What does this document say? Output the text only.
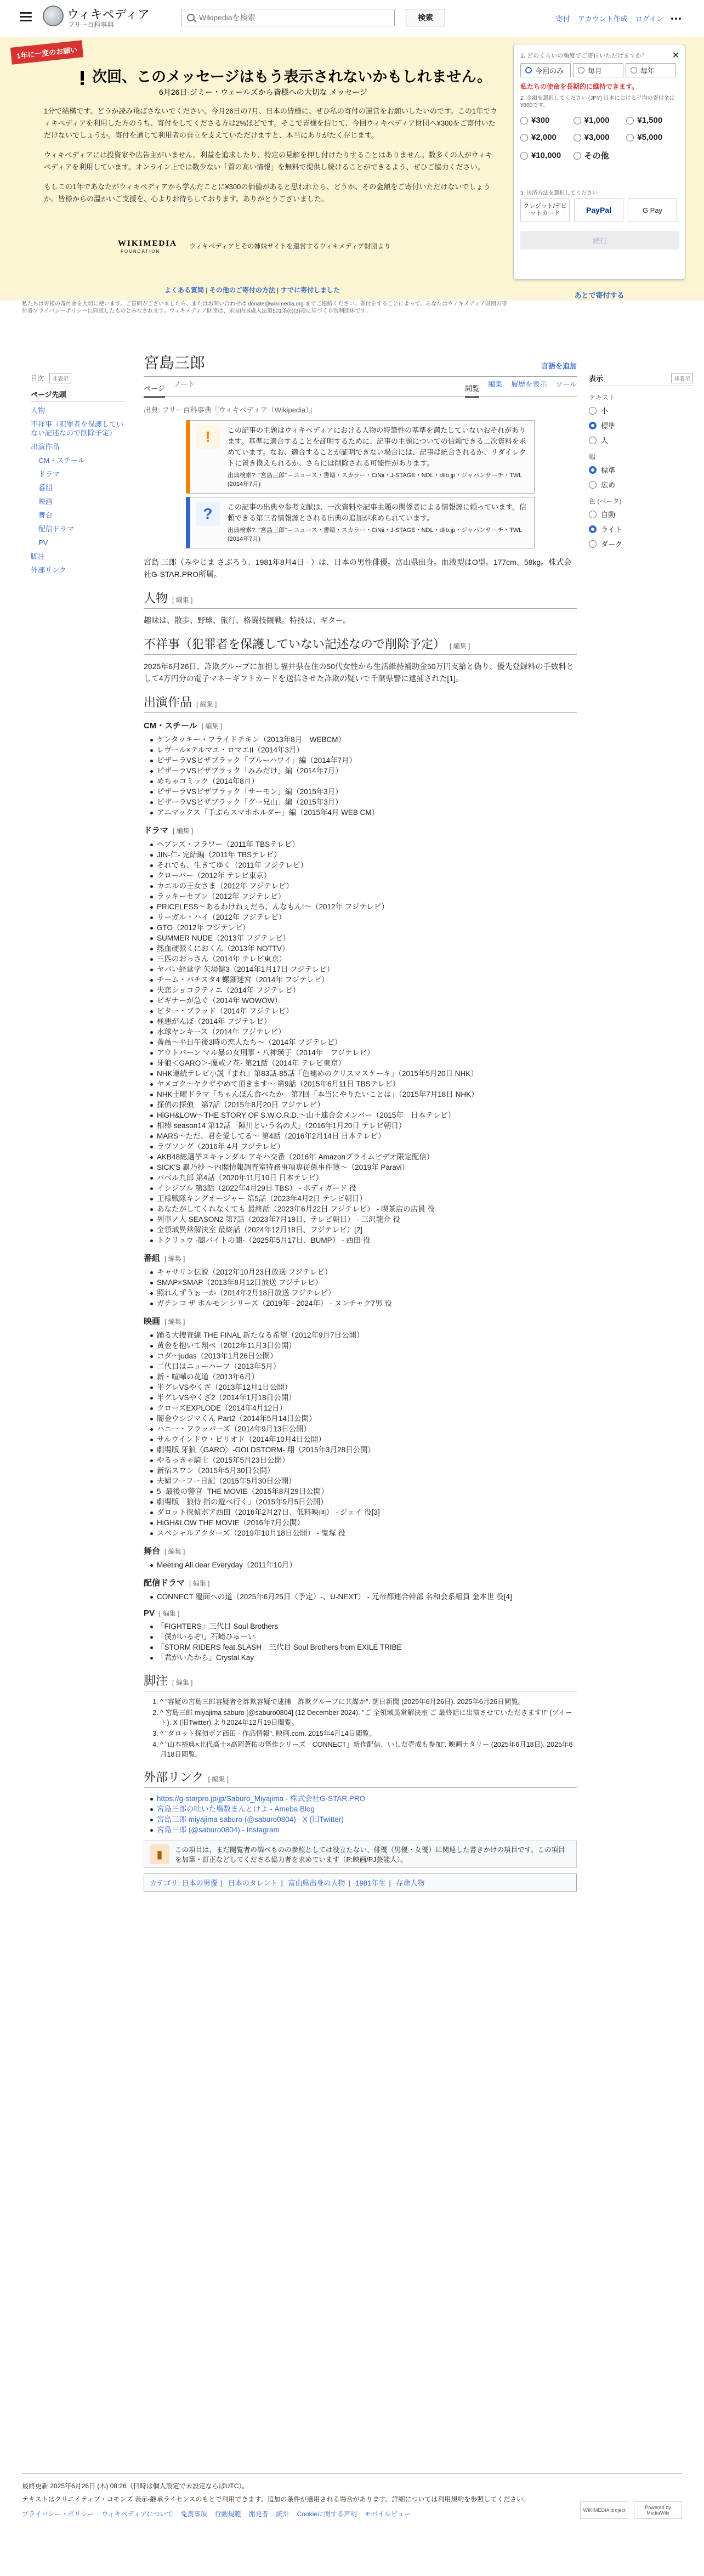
ウィキペディア
フリー百科事典
Wikipediaを検索
検索	寄付 アカウント作成 ログイン
1年に一度のお願い
次回、このメッセージはもう表示されないかもしれません。
6月26日-ジミー・ウェールズから皆様への大切な メッセージ

1分で結構です。どうか読み飛ばさないでください。今月26日の7月、日本の皆様に、ぜひ私の寄付の運営をお願いしたいのです。この1年でウィキペディアを利用した方のうち、寄付をしてくださる方は2%ほどです。そこで皆様を信じて、今回ウィキペディア財団へ¥300をご寄付いただけないでしょうか。寄付を通じて利用者の自立を支えていただけますと、本当にありがたく存じます。

ウィキペディアには投資家や広告主がいません。利益を追求したり、特定の見解を押し付けたりすることはありません。数多くの人がウィキペディアを利用しています。オンライン上では数少ない「質の高い情報」を無料で提供し続けることができるよう、ぜひご協力ください。

もしこの1年であなたがウィキペディアから学んだことに¥300の価値があると思われたら、どうか、その金額をご寄付いただけないでしょうか。皆様からの温かいご支援を、心よりお待ちしております。ありがとうございました。

WIKIMEDIA
FOUNDATION
ウィキペディアとその姉妹サイトを運営するウィキメディア財団より
1. どのくらいの頻度でご寄付いただけますか？	✕
今回のみ	毎月	毎年
私たちの使命を長期的に維持できます。
2. 金額を選択してください (JPY) 日本における平均の寄付金は¥800です。
¥300	¥1,000	¥1,500
¥2,000	¥3,000	¥5,000
¥10,000	その他
3. 決済方法を選択してください
クレジット/デビットカード	PayPal	G Pay
続行
あとで寄付する
よくある質問 | その他のご寄付の方法 | すでに寄付しました
私たちは皆様の寄付金を大切に使います。ご質問がございましたら、またはお問い合わせは donate@wikimedia.org までご連絡ください。寄付をすることによって、あなたはウィキメディア財団の寄付者プライバシーポリシーに同意したものとみなされます。ウィキメディア財団は、米国内国歳入法第501条(c)(3)項に基づく非営利団体です。
目次	非表示
ページ先頭
人物
不祥事（犯罪者を保護していない記述なので削除予定）
出演作品
CM・スチール
ドラマ
番組
映画
舞台
配信ドラマ
PV
脚注
外部リンク
表示	非表示
テキスト
小
標準
大
幅
標準
広め
色 (ベータ)
自動
ライト
ダーク
宮島三郎	言語を追加
ページ
ノート
閲覧
編集 履歴を表示 ツール
出典: フリー百科事典『ウィキペディア（Wikipedia）』
!	この記事の主題はウィキペディアにおける人物の特筆性の基準を満たしていないおそれがあります。基準に適合することを証明するために、記事の主題についての信頼できる二次資料を求めています。なお、適合することが証明できない場合には、記事は統合されるか、リダイレクトに置き換えられるか、さらには削除される可能性があります。
出典検索?: "宮島三郎" – ニュース・書籍・スカラー・CiNii・J-STAGE・NDL・dlib.jp・ジャパンサーチ・TWL (2014年7月)
?	この記事の出典や参考文献は、一次資料や記事主題の関係者による情報源に頼っています。信頼できる第三者情報源とされる出典の追加が求められています。
出典検索?: "宮島三郎" – ニュース・書籍・スカラー・CiNii・J-STAGE・NDL・dlib.jp・ジャパンサーチ・TWL (2014年7月)
宮島 三郎（みやじま さぶろう、1981年8月4日 - ）は、日本の男性俳優。富山県出身。血液型はO型。177cm、58kg。株式会社G-STAR.PRO所属。
人物 [ 編集 ]
趣味は、散歩、野球、旅行、格闘技観戦。特技は、ギター。
不祥事（犯罪者を保護していない記述なので削除予定） [ 編集 ]
2025年6月26日、詐欺グループに加担し福井県在住の50代女性から生活維持補助金50万円支給と偽り、優先登録料の手数料として4万円分の電子マネーギフトカードを送信させた詐欺の疑いで千葉県警に逮捕された[1]。
出演作品 [ 編集 ]
CM・スチール [ 編集 ]
ケンタッキー・フライドチキン（2013年8月　WEBCM）
レヴール×テルマエ・ロマエII（2014年3月）
ピザーラVSピザブラック「ブルーハワイ」編（2014年7月）
ピザーラVSピザブラック「みみだけ」編（2014年7月）
めちゃコミック（2014年8月）
ピザーラVSピザブラック「サーモン」編（2015年3月）
ピザーラVSピザブラック「グー兄山」編（2015年3月）
アニマックス「手ぶらスマホホルダー」編（2015年4月 WEB CM）
ドラマ [ 編集 ]
ヘブンズ・フラワー（2011年 TBSテレビ）
JIN-仁- 完結編（2011年 TBSテレビ）
それでも、生きてゆく（2011年 フジテレビ）
クローバー（2012年 テレビ東京）
カエルの王女さま（2012年 フジテレビ）
ラッキーセブン（2012年 フジテレビ）
PRICELESS〜あるわけねぇだろ、んなもん!〜（2012年 フジテレビ）
リーガル・ハイ（2012年 フジテレビ）
GTO（2012年 フジテレビ）
SUMMER NUDE（2013年 フジテレビ）
熱血硬派くにおくん（2013年 NOTTV）
三匹のおっさん（2014年 テレビ東京）
ヤバい経営学 矢場健3（2014年1月17日 フジテレビ）
チーム・バチスタ4 螺鈿迷宮（2014年 フジテレビ）
失恋ショコラティエ（2014年 フジテレビ）
ビギナーが急ぐ（2014年 WOWOW）
ビター・ブラッド（2014年 フジテレビ）
極悪がんぼ（2014年 フジテレビ）
水球ヤンキース（2014年 フジテレビ）
薔薇〜平日午後3時の恋人たち〜（2014年 フジテレビ）
アウトバーン マル暴の女刑事・八神瑛子（2014年　フジテレビ）
牙狼＜GARO＞-魔戒ノ花- 第21話（2014年 テレビ東京）
NHK連続テレビ小説『まれ』第83話-85話「色褪めのクリスマスケーキ」（2015年5月20日 NHK）
ヤメゴク〜ヤクザやめて頂きます〜 第9話（2015年6月11日 TBSテレビ）
NHK土曜ドラマ「ちゃんぽん食べたか」第7回「本当にやりたいことは」（2015年7月18日 NHK）
探偵の探偵　第7話（2015年8月20日 フジテレビ）
HiGH&LOW〜THE STORY OF S.W.O.R.D.〜山王連合会メンバー（2015年　日本テレビ）
相棒 season14 第12話「陣川という名の犬」（2016年1月20日 テレビ朝日）
MARS〜ただ、君を愛してる〜 第4話（2016年2月14日 日本テレビ）
ラヴソング（2016年 4月 フジテレビ）
AKB48総選挙スキャンダル アキハ交番（2016年 Amazonプライムビデオ限定配信）
SICK'S 覇乃抄 〜内閣情報調査室特務事項専従係事件簿〜（2019年 Paravi）
パベル九郎 第4話（2020年11月10日 日本テレビ）
イシジブル 第3話（2022年4月29日 TBS） - ボディガード 役
王様戦隊キングオージャー 第5話（2023年4月2日 テレビ朝日）
あなたがしてくれなくても 最終話（2023年6月22日 フジテレビ） - 喫茶店の店員 役
列車ノ人 SEASON2 第7話（2023年7月19日、テレビ朝日） - 三沢龍介 役
全領域異常解決室 最終話（2024年12月18日、フジテレビ）[2]
トクリュウ -闇バイトの闇-（2025年5月17日、BUMP） - 西田 役
番組 [ 編集 ]
キャサリン伝説（2012年10月23日放送 フジテレビ）
SMAP×SMAP（2013年8月12日放送 フジテレビ）
照れんずうぉーか（2014年2月18日放送 フジテレビ）
ガチンコ ザ ホルモン シリーズ（2019年 - 2024年） - ヌンチャク7男 役
映画 [ 編集 ]
踊る大捜査線 THE FINAL 新たなる希望（2012年9月7日公開）
黄金を抱いて翔べ（2012年11月3日公開）
コダ〜judas（2013年1月26日公開）
二代目はニューハーフ（2013年5月）
新・喧嘩の花道（2013年6月）
半グレVSやくざ（2013年12月1日公開）
半グレVSやくざ2（2014年1月18日公開）
クローズEXPLODE（2014年4月12日）
闇金ウシジマくん Part2（2014年5月14日公開）
ハニー・フラッパーズ（2014年9月13日公開）
サルウインドウ・ビリオド（2014年10月4日公開）
劇場版 牙狼〈GARO〉-GOLDSTORM- 翔（2015年3月28日公開）
やるっきゃ騎士（2015年5月23日公開）
新宿スワン（2015年5月30日公開）
夫婦フーフー日記（2015年5月30日公開）
5 -最後の警官- THE MOVIE（2015年8月29日公開）
劇場版「狼侍 指の遊べ行く」（2015年9月5日公開）
ダロット探偵ボア西田（2016年2月27日、低料映画） - ジェイ 役[3]
HiGH&LOW THE MOVIE（2016年7月公開）
スペシャルアクターズ（2019年10月18日公開） - 鬼塚 役
舞台 [ 編集 ]
Meeting All dear Everyday（2011年10月）
配信ドラマ [ 編集 ]
CONNECT 覆面への道（2025年6月25日（予定）-、U-NEXT） - 元帝都連合幹部 名和会系組員 金本世 役[4]
PV [ 編集 ]
「FIGHTERS」三代目 Soul Brothers
「僕がいるぞ!」石崎ひゅーい
「STORM RIDERS feat.SLASH」三代目 Soul Brothers from EXILE TRIBE
「君がいたから」Crystal Kay
脚注 [ 編集 ]
1. ^ "容疑の宮島三郎容疑者を詐欺容疑で逮捕　詐欺グループに共謀か". 朝日新聞 (2025年6月26日). 2025年6月26日閲覧。
2. ^ 宮島三郎 miyajima saburo [@saburo0804] (12 December 2024). "ご 全領域異常解決室 ご 最終話に出演させていただきます!!" (ツイート). X (旧Twitter) より2024年12月19日閲覧。
3. ^ "ダロット探偵ボア西田 - 作品情報". 映画.com. 2015年4月14日閲覧。
4. ^ "山本裕典×北代高士×高岡蒼佑の怪作シリーズ「CONNECT」新作配信、いしだ壱成も参加". 映画ナタリー (2025年6月18日). 2025年6月18日閲覧。
外部リンク [ 編集 ]
https://g-starpro.jp/jp/Saburo_Miyajima - 株式会社G-STAR.PRO
宮島三郎の吐いた場数まんとけよ - Ameba Blog
宮島三郎 miyajima saburo (@saburo0804) - X (旧Twitter)
宮島三郎 (@saburo0804) - Instagram
▮	この項目は、まだ閲覧者の調べものの参照としては役立たない、俳優（男優・女優）に関連した書きかけの項目です。この項目を加筆・訂正などしてくださる協力者を求めています（P:映画/PJ芸能人）。
カテゴリ: 日本の男優 | 日本のタレント | 富山県出身の人物 | 1981年生 | 存命人物

最終更新 2025年6月26日 (木) 08:26（日時は個人設定で未設定ならばUTC）。

テキストはクリエイティブ・コモンズ 表示-継承ライセンスのもとで利用できます。追加の条件が適用される場合があります。詳細については利用規約を参照してください。

プライバシー・ポリシー ウィキペディアについて 免責事項 行動規範 開発者 統計 Cookieに関する声明 モバイルビュー	WIKIMEDIA project	Powered by MediaWiki
